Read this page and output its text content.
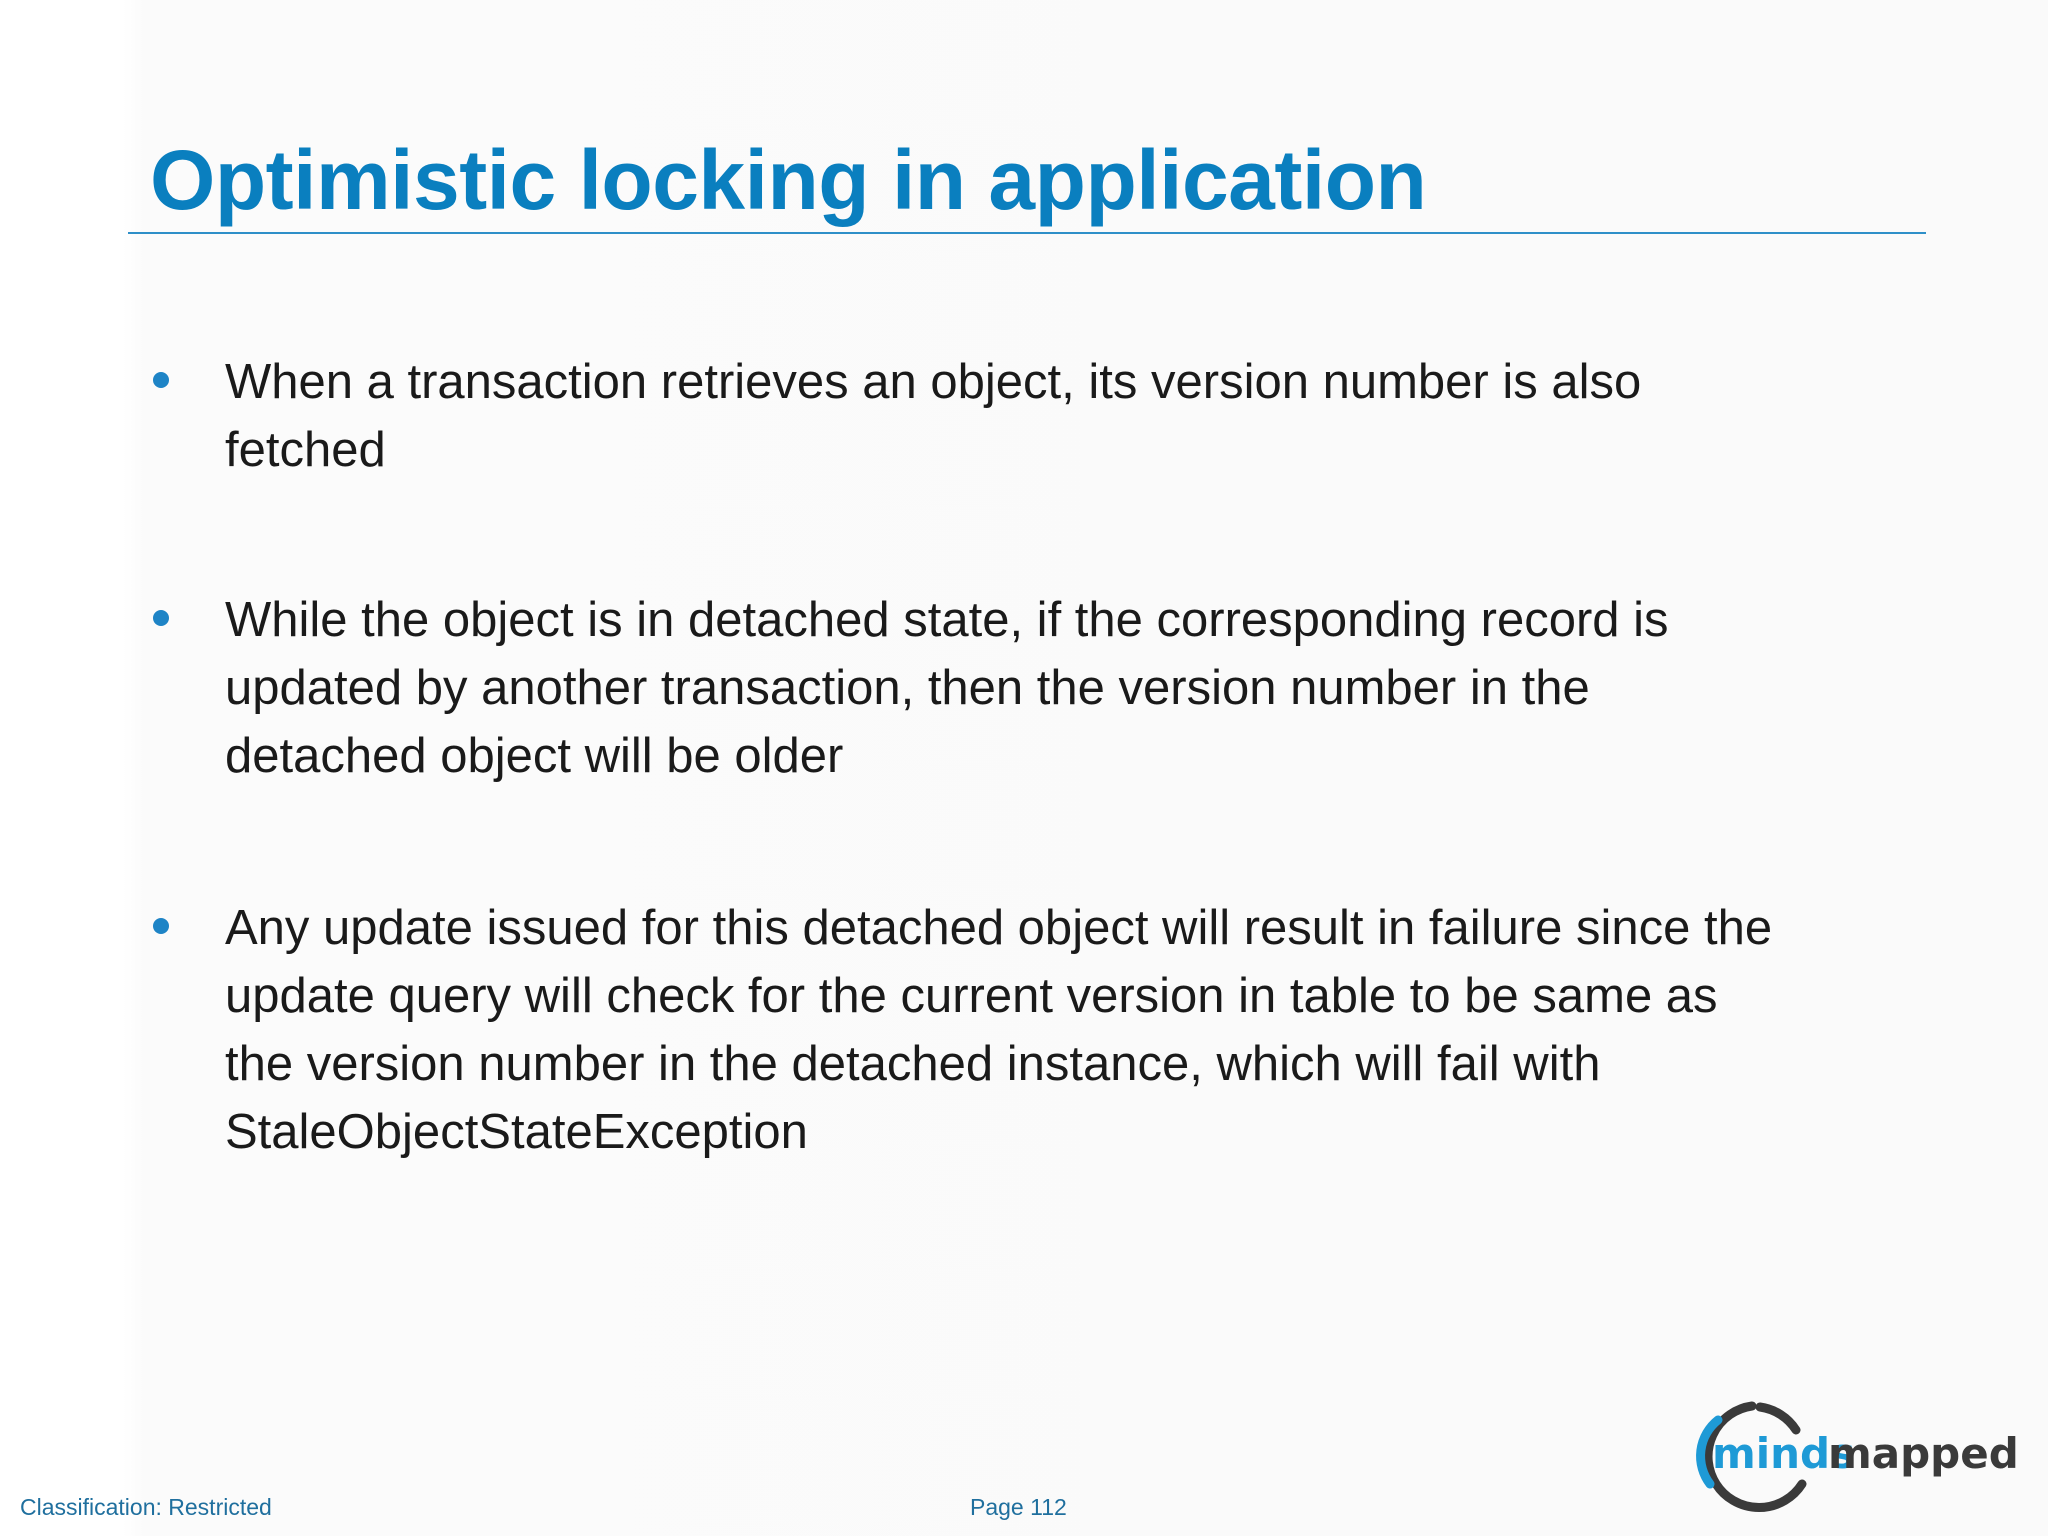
Optimistic locking in application
When a transaction retrieves an object, its version number is also
fetched
While the object is in detached state, if the corresponding record is
updated by another transaction, then the version number in the
detached object will be older
Any update issued for this detached object will result in failure since the
update query will check for the current version in table to be same as
the version number in the detached instance, which will fail with
StaleObjectStateException
Classification: Restricted	Page 112
minds
mapped
